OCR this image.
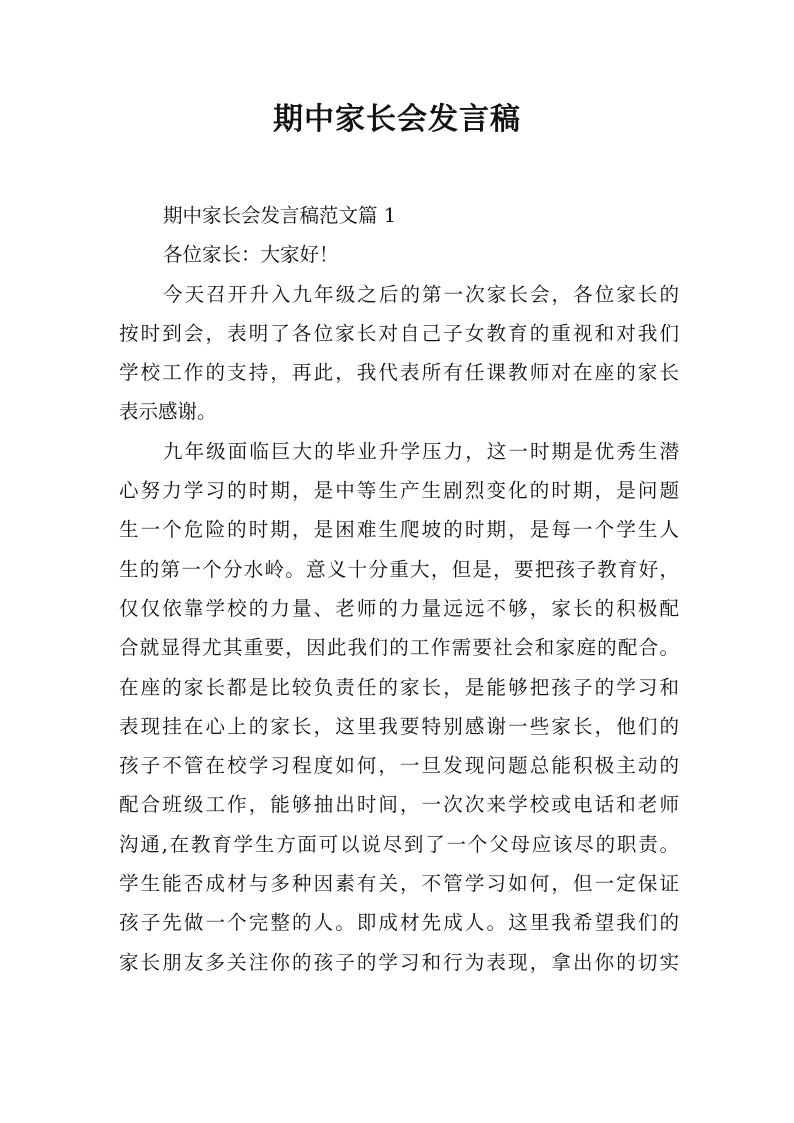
期中家长会发言稿
期中家长会发言稿范文篇 1
各位家长：大家好！
今天召开升入九年级之后的第一次家长会，各位家长的
按时到会，表明了各位家长对自己子女教育的重视和对我们
学校工作的支持，再此，我代表所有任课教师对在座的家长
表示感谢。
九年级面临巨大的毕业升学压力，这一时期是优秀生潜
心努力学习的时期，是中等生产生剧烈变化的时期，是问题
生一个危险的时期，是困难生爬坡的时期，是每一个学生人
生的第一个分水岭。意义十分重大，但是，要把孩子教育好，
仅仅依靠学校的力量、老师的力量远远不够，家长的积极配
合就显得尤其重要，因此我们的工作需要社会和家庭的配合。
在座的家长都是比较负责任的家长，是能够把孩子的学习和
表现挂在心上的家长，这里我要特别感谢一些家长，他们的
孩子不管在校学习程度如何，一旦发现问题总能积极主动的
配合班级工作，能够抽出时间，一次次来学校或电话和老师
沟通,在教育学生方面可以说尽到了一个父母应该尽的职责。
学生能否成材与多种因素有关，不管学习如何，但一定保证
孩子先做一个完整的人。即成材先成人。这里我希望我们的
家长朋友多关注你的孩子的学习和行为表现，拿出你的切实
